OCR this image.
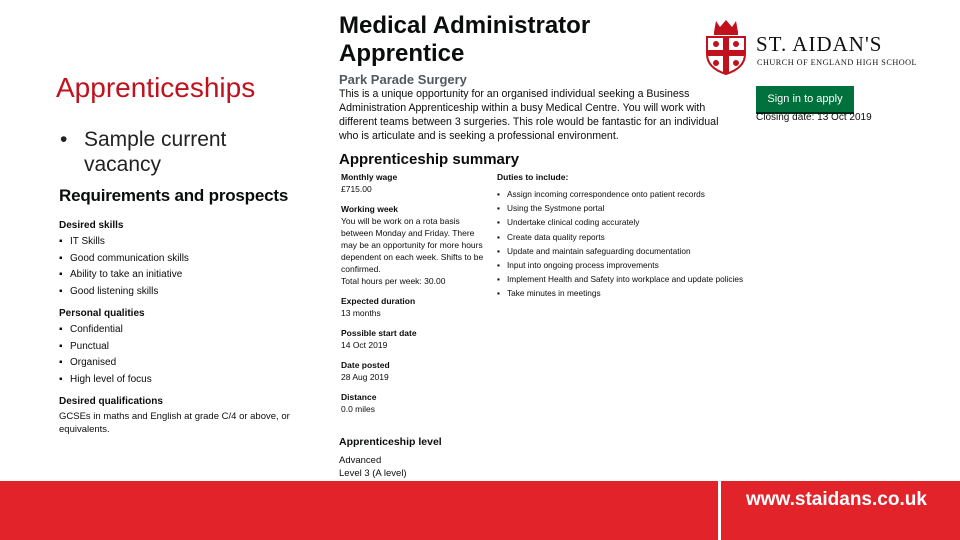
Apprenticeships
• Sample current vacancy
Requirements and prospects
Desired skills
▪ IT Skills
▪ Good communication skills
▪ Ability to take an initiative
▪ Good listening skills
Personal qualities
▪ Confidential
▪ Punctual
▪ Organised
▪ High level of focus
Desired qualifications
GCSEs in maths and English at grade C/4 or above, or equivalents.
Medical Administrator Apprentice
Park Parade Surgery
This is a unique opportunity for an organised individual seeking a Business Administration Apprenticeship within a busy Medical Centre. You will work with different teams between 3 surgeries. This role would be fantastic for an individual who is articulate and is seeking a professional environment.
ST. AIDAN'S
CHURCH OF ENGLAND HIGH SCHOOL
Sign in to apply
Closing date: 13 Oct 2019
Apprenticeship summary
Monthly wage
£715.00
Working week
You will be work on a rota basis between Monday and Friday. There may be an opportunity for more hours dependent on each week. Shifts to be confirmed.
Total hours per week: 30.00
Expected duration
13 months
Possible start date
14 Oct 2019
Date posted
28 Aug 2019
Distance
0.0 miles
Duties to include:
▪ Assign incoming correspondence onto patient records
▪ Using the Systmone portal
▪ Undertake clinical coding accurately
▪ Create data quality reports
▪ Update and maintain safeguarding documentation
▪ Input into ongoing process improvements
▪ Implement Health and Safety into workplace and update policies
▪ Take minutes in meetings
Apprenticeship level
Advanced
Level 3 (A level)
www.staidans.co.uk
